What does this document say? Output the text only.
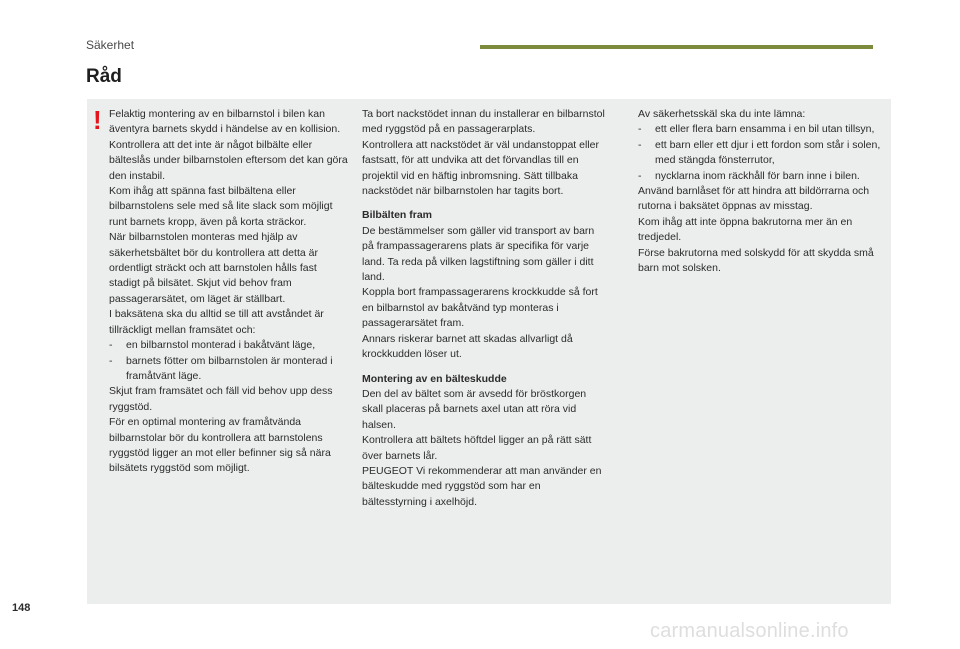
Säkerhet
Råd
! Felaktig montering av en bilbarnstol i bilen kan äventyra barnets skydd i händelse av en kollision.

Kontrollera att det inte är något bilbälte eller bälteslås under bilbarnstolen eftersom det kan göra den instabil.

Kom ihåg att spänna fast bilbältena eller bilbarnstolens sele med så lite slack som möjligt runt barnets kropp, även på korta sträckor.

När bilbarnstolen monteras med hjälp av säkerhetsbältet bör du kontrollera att detta är ordentligt sträckt och att barnstolen hålls fast stadigt på bilsätet. Skjut vid behov fram passagerarsätet, om läget är ställbart.

I baksätena ska du alltid se till att avståndet är tillräckligt mellan framsätet och:

- en bilbarnstol monterad i bakåtvänt läge,

- barnets fötter om bilbarnstolen är monterad i framåtvänt läge.

Skjut fram framsätet och fäll vid behov upp dess ryggstöd.

För en optimal montering av framåtvända bilbarnstolar bör du kontrollera att barnstolens ryggstöd ligger an mot eller befinner sig så nära bilsätets ryggstöd som möjligt.

Ta bort nackstödet innan du installerar en bilbarnstol med ryggstöd på en passagerarplats.

Kontrollera att nackstödet är väl undanstoppat eller fastsatt, för att undvika att det förvandlas till en projektil vid en häftig inbromsning. Sätt tillbaka nackstödet när bilbarnstolen har tagits bort.

Bilbälten fram

De bestämmelser som gäller vid transport av barn på frampassagerarens plats är specifika för varje land. Ta reda på vilken lagstiftning som gäller i ditt land.

Koppla bort frampassagerarens krockkudde så fort en bilbarnstol av bakåtvänd typ monteras i passagerarsätet fram.

Annars riskerar barnet att skadas allvarligt då krockkudden löser ut.

Montering av en bälteskudde

Den del av bältet som är avsedd för bröstkorgen skall placeras på barnets axel utan att röra vid halsen.

Kontrollera att bältets höftdel ligger an på rätt sätt över barnets lår.

PEUGEOT Vi rekommenderar att man använder en bälteskudde med ryggstöd som har en bältesstyrning i axelhöjd.

Av säkerhetsskäl ska du inte lämna:

- ett eller flera barn ensamma i en bil utan tillsyn,

- ett barn eller ett djur i ett fordon som står i solen, med stängda fönsterrutor,

- nycklarna inom räckhåll för barn inne i bilen.

Använd barnlåset för att hindra att bildörrarna och rutorna i baksätet öppnas av misstag.

Kom ihåg att inte öppna bakrutorna mer än en tredjedel.

Förse bakrutorna med solskydd för att skydda små barn mot solsken.

148
carmanualsonline.info
